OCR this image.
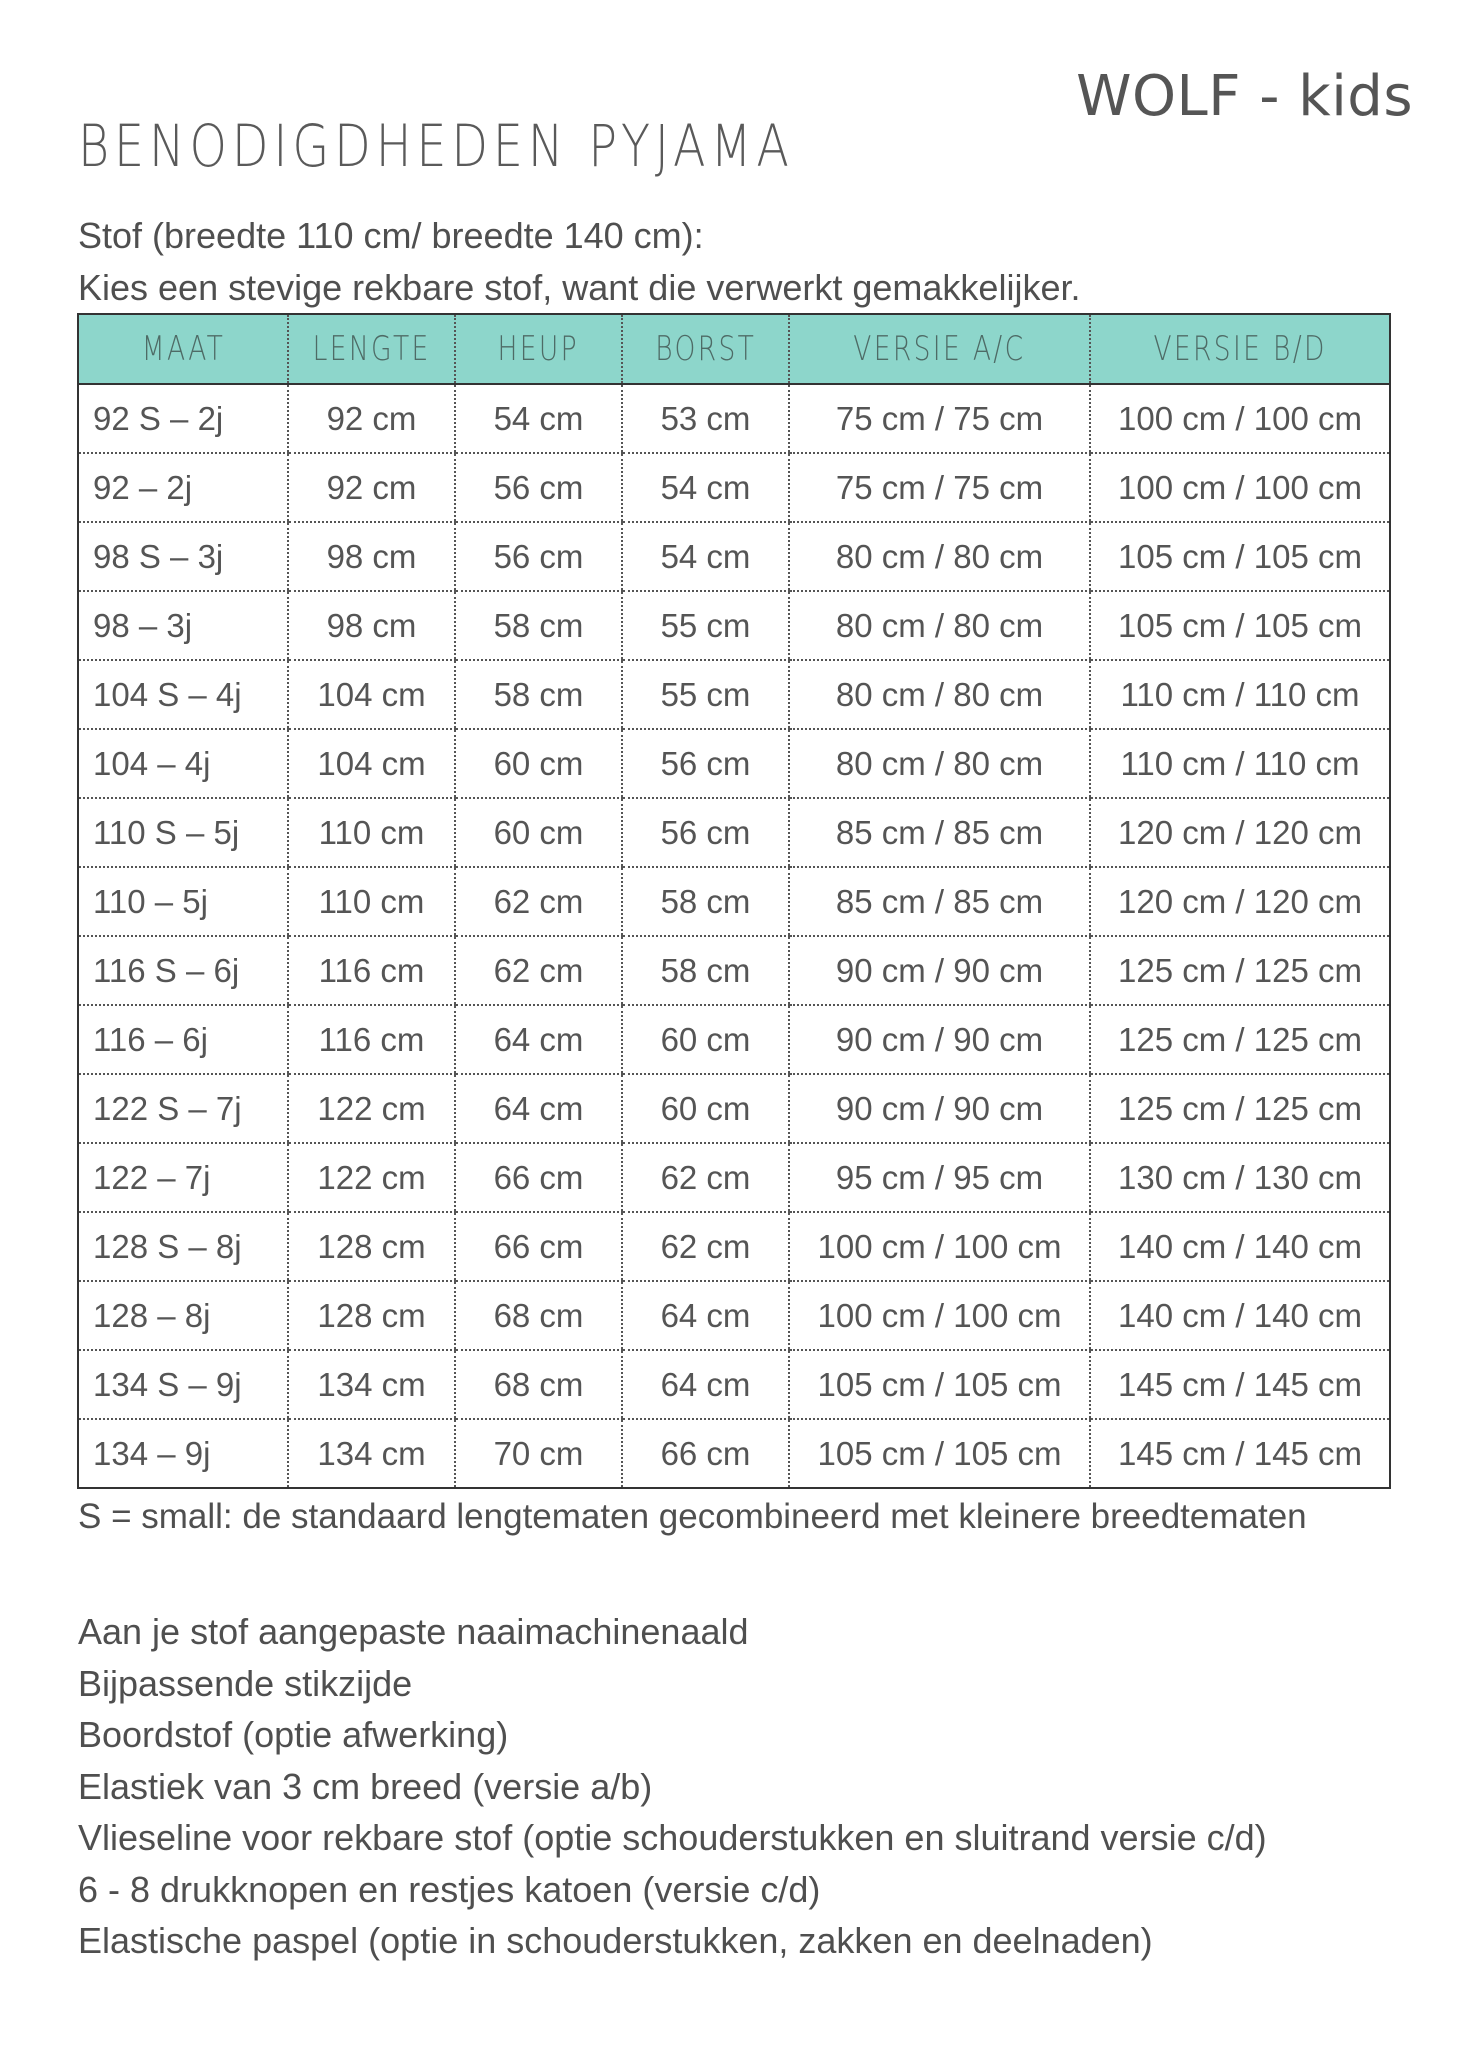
WOLF - kids
BENODIGDHEDEN PYJAMA
Stof (breedte 110 cm/ breedte 140 cm):
Kies een stevige rekbare stof, want die verwerkt gemakkelijker.
MAAT	LENGTE	HEUP	BORST	VERSIE A/C	VERSIE B/D
92 S – 2j	92 cm	54 cm	53 cm	75 cm / 75 cm	100 cm / 100 cm
92 – 2j	92 cm	56 cm	54 cm	75 cm / 75 cm	100 cm / 100 cm
98 S – 3j	98 cm	56 cm	54 cm	80 cm / 80 cm	105 cm / 105 cm
98 – 3j	98 cm	58 cm	55 cm	80 cm / 80 cm	105 cm / 105 cm
104 S – 4j	104 cm	58 cm	55 cm	80 cm / 80 cm	110 cm / 110 cm
104 – 4j	104 cm	60 cm	56 cm	80 cm / 80 cm	110 cm / 110 cm
110 S – 5j	110 cm	60 cm	56 cm	85 cm / 85 cm	120 cm / 120 cm
110 – 5j	110 cm	62 cm	58 cm	85 cm / 85 cm	120 cm / 120 cm
116 S – 6j	116 cm	62 cm	58 cm	90 cm / 90 cm	125 cm / 125 cm
116 – 6j	116 cm	64 cm	60 cm	90 cm / 90 cm	125 cm / 125 cm
122 S – 7j	122 cm	64 cm	60 cm	90 cm / 90 cm	125 cm / 125 cm
122 – 7j	122 cm	66 cm	62 cm	95 cm / 95 cm	130 cm / 130 cm
128 S – 8j	128 cm	66 cm	62 cm	100 cm / 100 cm	140 cm / 140 cm
128 – 8j	128 cm	68 cm	64 cm	100 cm / 100 cm	140 cm / 140 cm
134 S – 9j	134 cm	68 cm	64 cm	105 cm / 105 cm	145 cm / 145 cm
134 – 9j	134 cm	70 cm	66 cm	105 cm / 105 cm	145 cm / 145 cm
S = small: de standaard lengtematen gecombineerd met kleinere breedtematen
Aan je stof aangepaste naaimachinenaald
Bijpassende stikzijde
Boordstof (optie afwerking)
Elastiek van 3 cm breed (versie a/b)
Vlieseline voor rekbare stof (optie schouderstukken en sluitrand versie c/d)
6 - 8 drukknopen en restjes katoen (versie c/d)
Elastische paspel (optie in schouderstukken, zakken en deelnaden)
